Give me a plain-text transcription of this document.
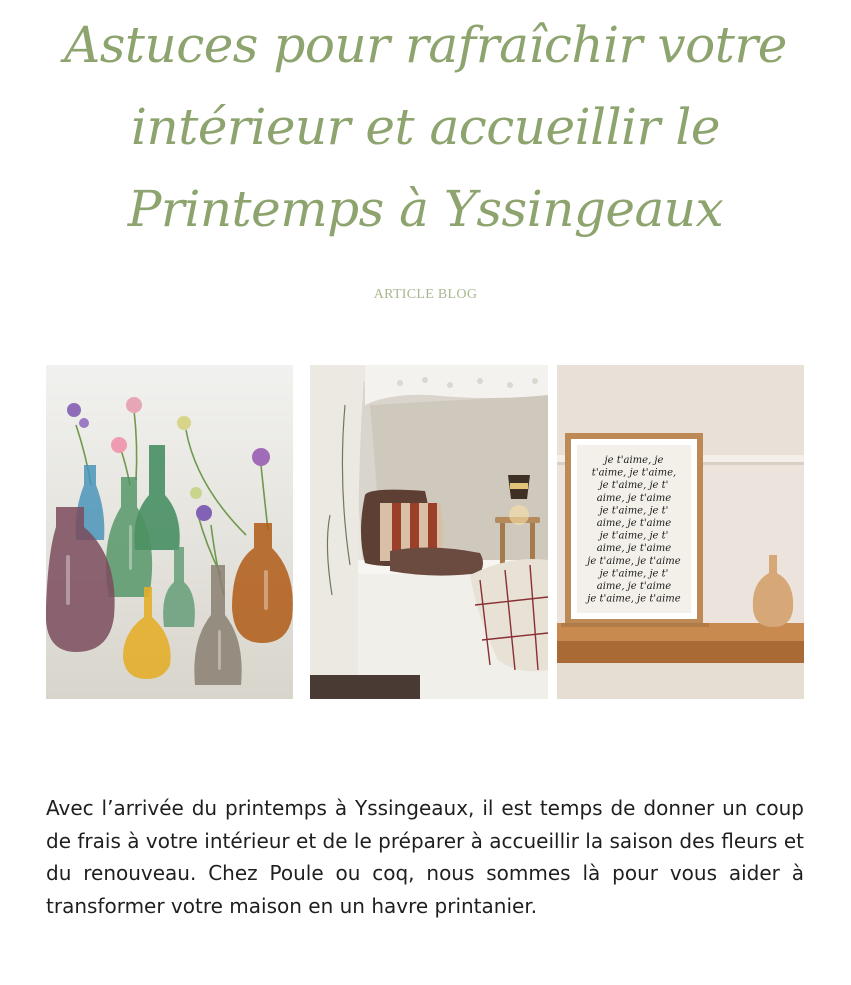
Astuces pour rafraîchir votre intérieur et accueillir le Printemps à Yssingeaux
ARTICLE BLOG
je t'aime, je
t'aime, je t'aime,
je t'aime, je t'
aime, je t'aime
je t'aime, je t'
aime, je t'aime
je t'aime, je t'
aime, je t'aime
je t'aime, je t'aime
je t'aime, je t'
aime, je t'aime
je t'aime, je t'aime

Avec l’arrivée du printemps à Yssingeaux, il est temps de donner un coup de frais à votre intérieur et de le préparer à accueillir la saison des fleurs et du renouveau. Chez Poule ou coq, nous sommes là pour vous aider à transformer votre maison en un havre printanier.
